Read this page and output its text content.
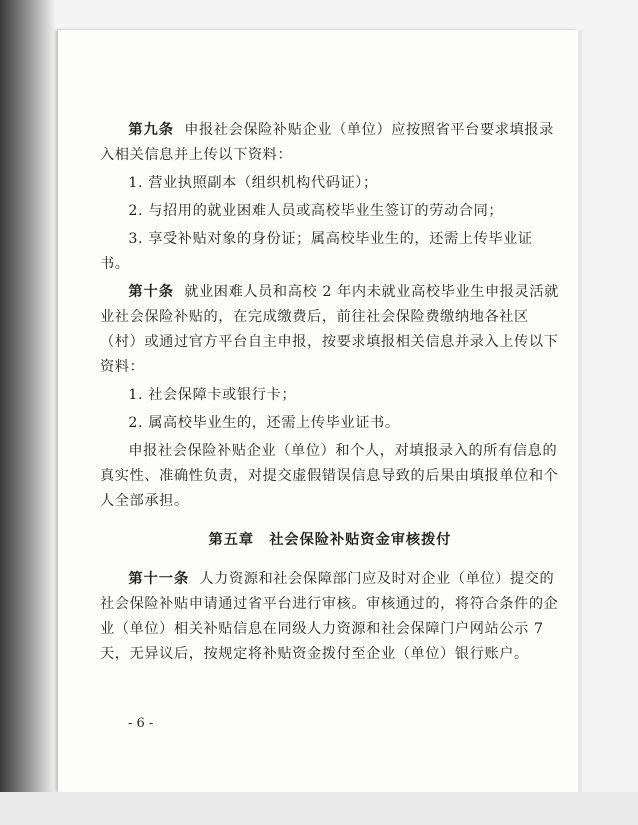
第九条 申报社会保险补贴企业（单位）应按照省平台要求填报录入相关信息并上传以下资料：

1. 营业执照副本（组织机构代码证）；

2. 与招用的就业困难人员或高校毕业生签订的劳动合同；

3. 享受补贴对象的身份证；属高校毕业生的，还需上传毕业证书。

第十条 就业困难人员和高校 2 年内未就业高校毕业生申报灵活就业社会保险补贴的，在完成缴费后，前往社会保险费缴纳地各社区（村）或通过官方平台自主申报，按要求填报相关信息并录入上传以下资料：

1. 社会保障卡或银行卡；

2. 属高校毕业生的，还需上传毕业证书。

申报社会保险补贴企业（单位）和个人，对填报录入的所有信息的真实性、准确性负责，对提交虚假错误信息导致的后果由填报单位和个人全部承担。

第五章　社会保险补贴资金审核拨付

第十一条 人力资源和社会保障部门应及时对企业（单位）提交的社会保险补贴申请通过省平台进行审核。审核通过的，将符合条件的企业（单位）相关补贴信息在同级人力资源和社会保障门户网站公示 7 天，无异议后，按规定将补贴资金拨付至企业（单位）银行账户。

- 6 -
